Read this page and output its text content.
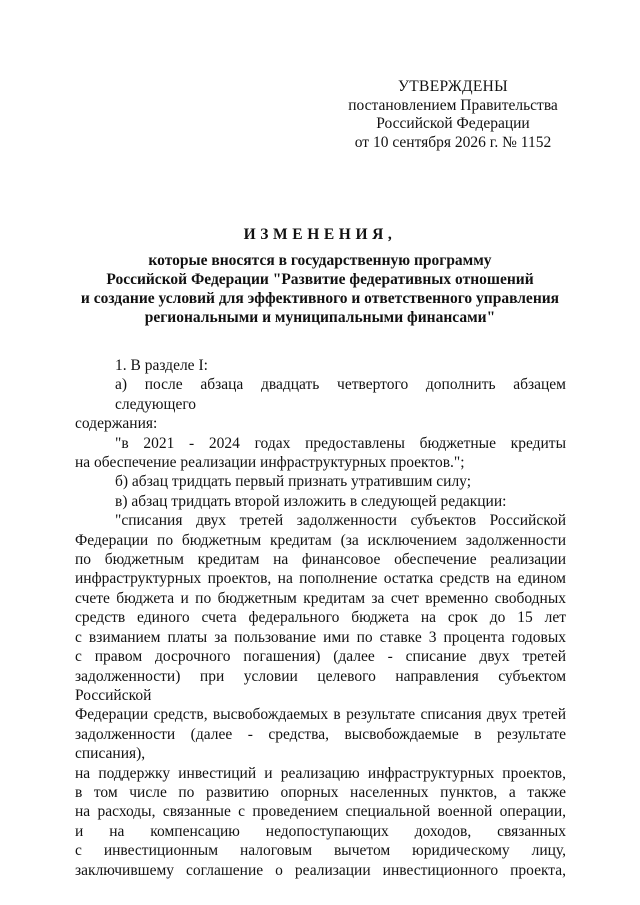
УТВЕРЖДЕНЫ
постановлением Правительства
Российской Федерации
от 10 сентября 2026 г. № 1152
ИЗМЕНЕНИЯ,
которые вносятся в государственную программу
Российской Федерации "Развитие федеративных отношений
и создание условий для эффективного и ответственного управления
региональными и муниципальными финансами"
1. В разделе I:
а) после абзаца двадцать четвертого дополнить абзацем следующего
содержания:
"в 2021 - 2024 годах предоставлены бюджетные кредиты
на обеспечение реализации инфраструктурных проектов.";
б) абзац тридцать первый признать утратившим силу;
в) абзац тридцать второй изложить в следующей редакции:
"списания двух третей задолженности субъектов Российской
Федерации по бюджетным кредитам (за исключением задолженности
по бюджетным кредитам на финансовое обеспечение реализации
инфраструктурных проектов, на пополнение остатка средств на едином
счете бюджета и по бюджетным кредитам за счет временно свободных
средств единого счета федерального бюджета на срок до 15 лет
с взиманием платы за пользование ими по ставке 3 процента годовых
с правом досрочного погашения) (далее - списание двух третей
задолженности) при условии целевого направления субъектом Российской
Федерации средств, высвобождаемых в результате списания двух третей
задолженности (далее - средства, высвобождаемые в результате списания),
на поддержку инвестиций и реализацию инфраструктурных проектов,
в том числе по развитию опорных населенных пунктов, а также
на расходы, связанные с проведением специальной военной операции,
и на компенсацию недопоступающих доходов, связанных
с инвестиционным налоговым вычетом юридическому лицу,
заключившему соглашение о реализации инвестиционного проекта,
